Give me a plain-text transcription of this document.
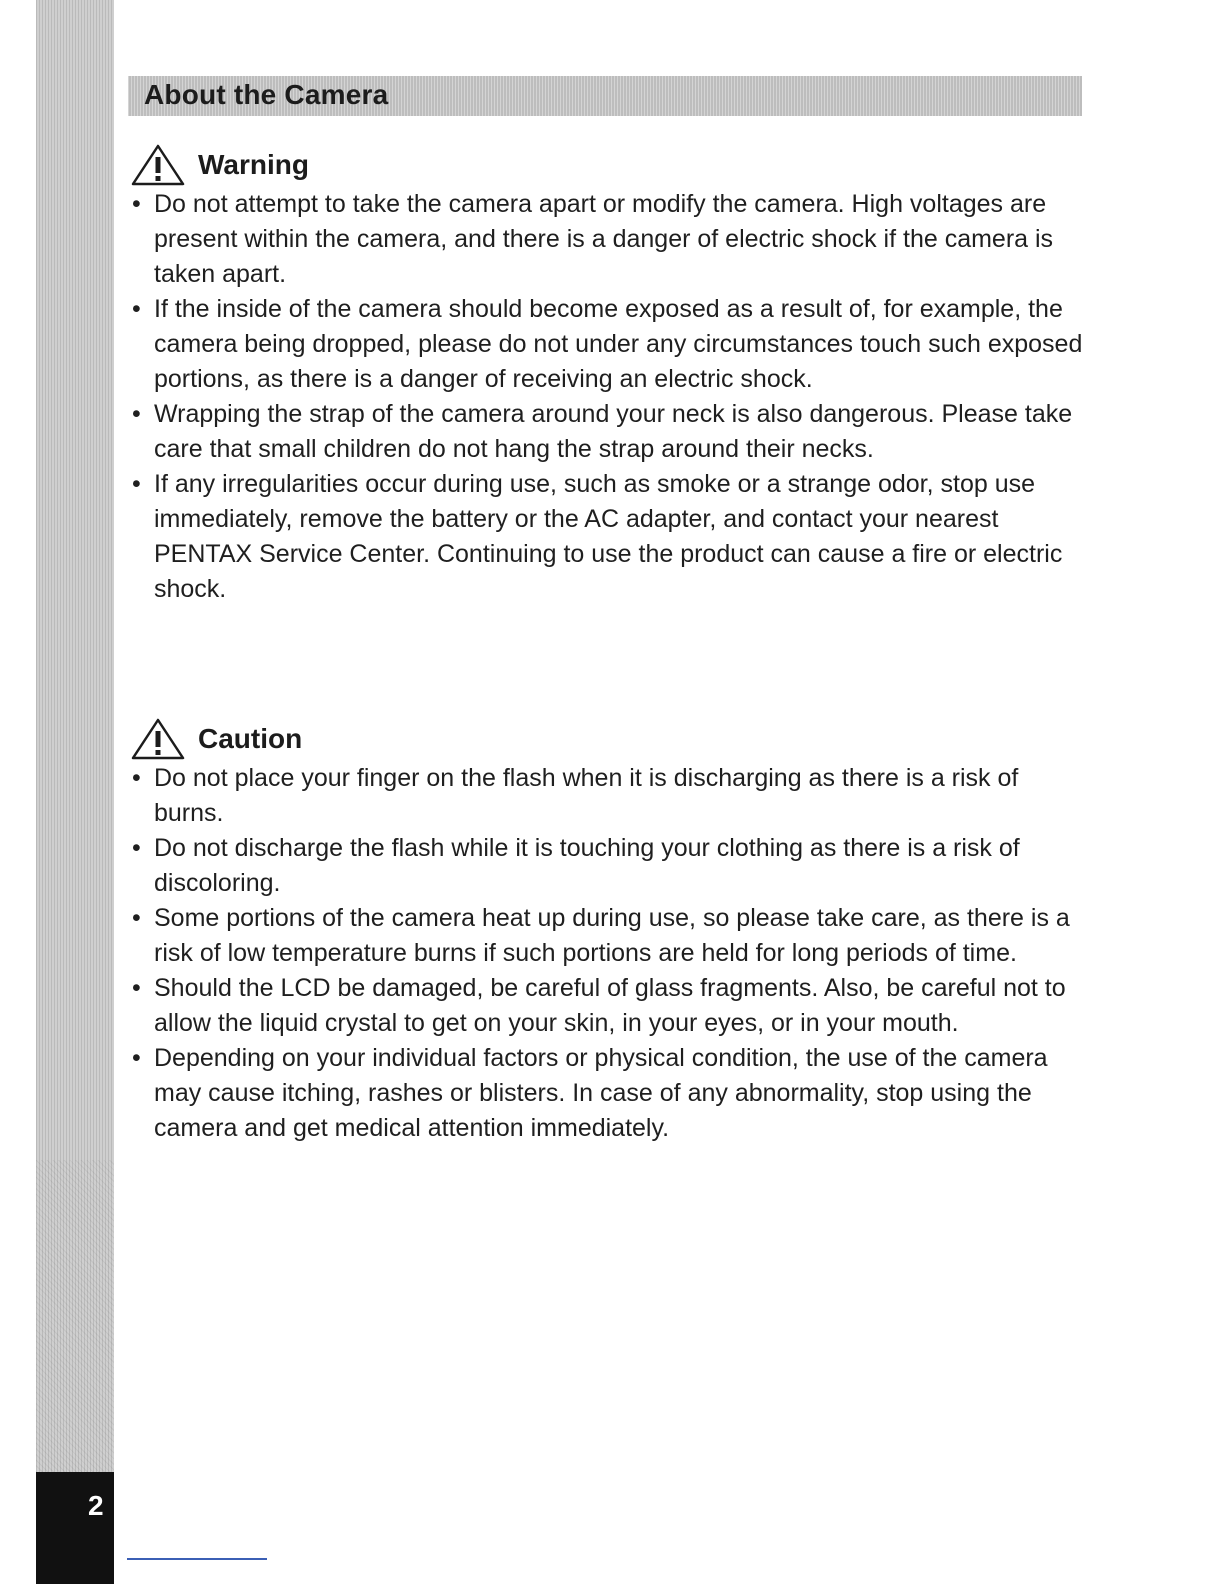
2
About the Camera
Warning
• Do not attempt to take the camera apart or modify the camera. High voltages are present within the camera, and there is a danger of electric shock if the camera is taken apart.
• If the inside of the camera should become exposed as a result of, for example, the camera being dropped, please do not under any circumstances touch such exposed portions, as there is a danger of receiving an electric shock.
• Wrapping the strap of the camera around your neck is also dangerous. Please take care that small children do not hang the strap around their necks.
• If any irregularities occur during use, such as smoke or a strange odor, stop use immediately, remove the battery or the AC adapter, and contact your nearest PENTAX Service Center. Continuing to use the product can cause a fire or electric shock.
Caution
• Do not place your finger on the flash when it is discharging as there is a risk of burns.
• Do not discharge the flash while it is touching your clothing as there is a risk of discoloring.
• Some portions of the camera heat up during use, so please take care, as there is a risk of low temperature burns if such portions are held for long periods of time.
• Should the LCD be damaged, be careful of glass fragments. Also, be careful not to allow the liquid crystal to get on your skin, in your eyes, or in your mouth.
• Depending on your individual factors or physical condition, the use of the camera may cause itching, rashes or blisters. In case of any abnormality, stop using the camera and get medical attention immediately.
